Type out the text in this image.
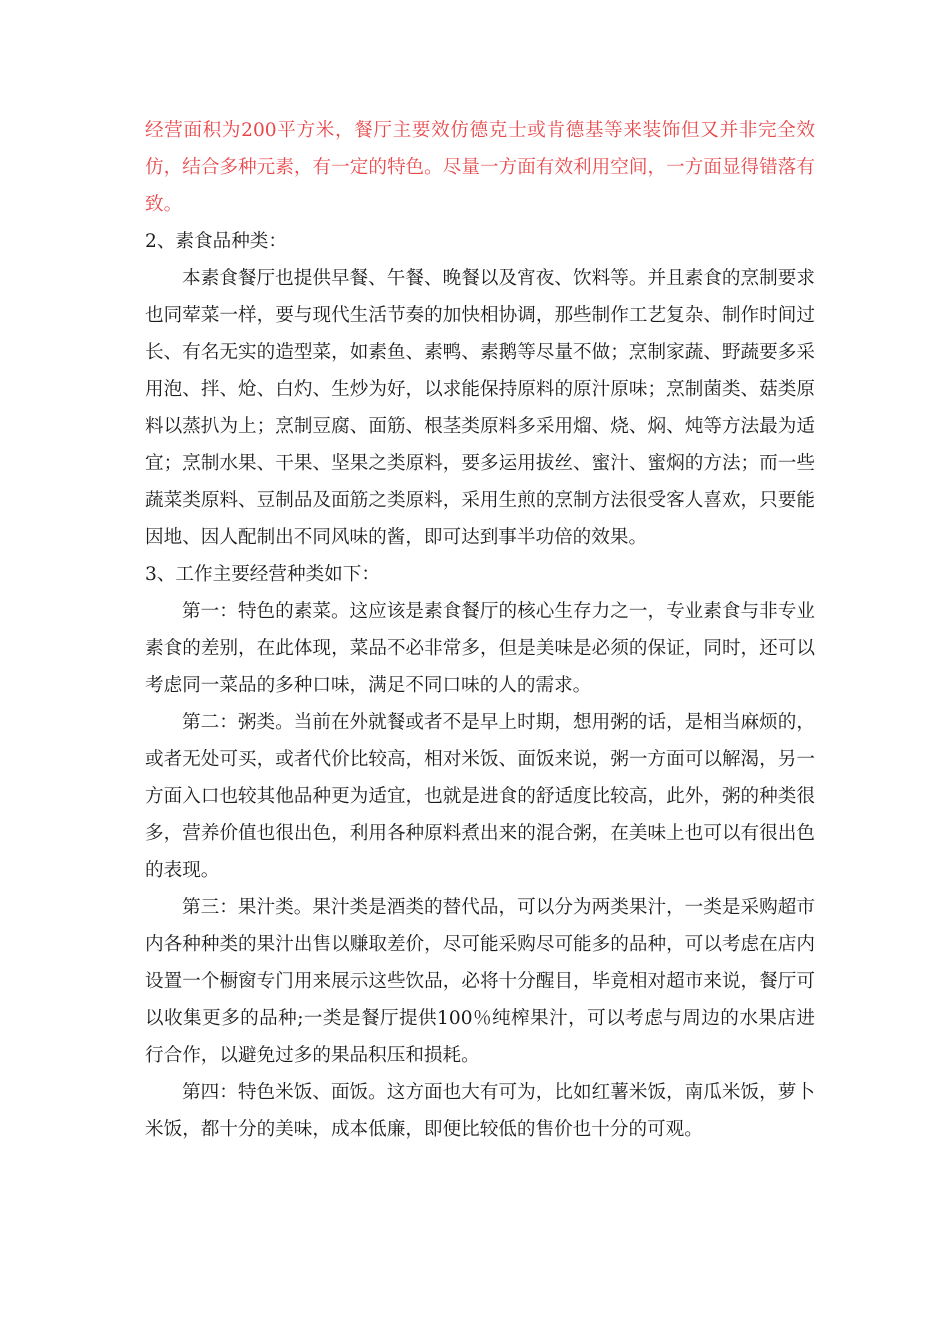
经营面积为200平方米，餐厅主要效仿德克士或肯德基等来装饰但又并非完全效仿，结合多种元素，有一定的特色。尽量一方面有效利用空间，一方面显得错落有致。

2、素食品种类：

本素食餐厅也提供早餐、午餐、晚餐以及宵夜、饮料等。并且素食的烹制要求也同荤菜一样，要与现代生活节奏的加快相协调，那些制作工艺复杂、制作时间过长、有名无实的造型菜，如素鱼、素鸭、素鹅等尽量不做；烹制家蔬、野蔬要多采用泡、拌、炝、白灼、生炒为好，以求能保持原料的原汁原味；烹制菌类、菇类原料以蒸扒为上；烹制豆腐、面筋、根茎类原料多采用熘、烧、焖、炖等方法最为适宜；烹制水果、干果、坚果之类原料，要多运用拔丝、蜜汁、蜜焖的方法；而一些蔬菜类原料、豆制品及面筋之类原料，采用生煎的烹制方法很受客人喜欢，只要能因地、因人配制出不同风味的酱，即可达到事半功倍的效果。

3、工作主要经营种类如下：

第一：特色的素菜。这应该是素食餐厅的核心生存力之一，专业素食与非专业素食的差别，在此体现，菜品不必非常多，但是美味是必须的保证，同时，还可以考虑同一菜品的多种口味，满足不同口味的人的需求。

第二：粥类。当前在外就餐或者不是早上时期，想用粥的话，是相当麻烦的，或者无处可买，或者代价比较高，相对米饭、面饭来说，粥一方面可以解渴，另一方面入口也较其他品种更为适宜，也就是进食的舒适度比较高，此外，粥的种类很多，营养价值也很出色，利用各种原料煮出来的混合粥，在美味上也可以有很出色的表现。

第三：果汁类。果汁类是酒类的替代品，可以分为两类果汁，一类是采购超市内各种种类的果汁出售以赚取差价，尽可能采购尽可能多的品种，可以考虑在店内设置一个橱窗专门用来展示这些饮品，必将十分醒目，毕竟相对超市来说，餐厅可以收集更多的品种;一类是餐厅提供100％纯榨果汁，可以考虑与周边的水果店进行合作，以避免过多的果品积压和损耗。

第四：特色米饭、面饭。这方面也大有可为，比如红薯米饭，南瓜米饭，萝卜米饭，都十分的美味，成本低廉，即便比较低的售价也十分的可观。
